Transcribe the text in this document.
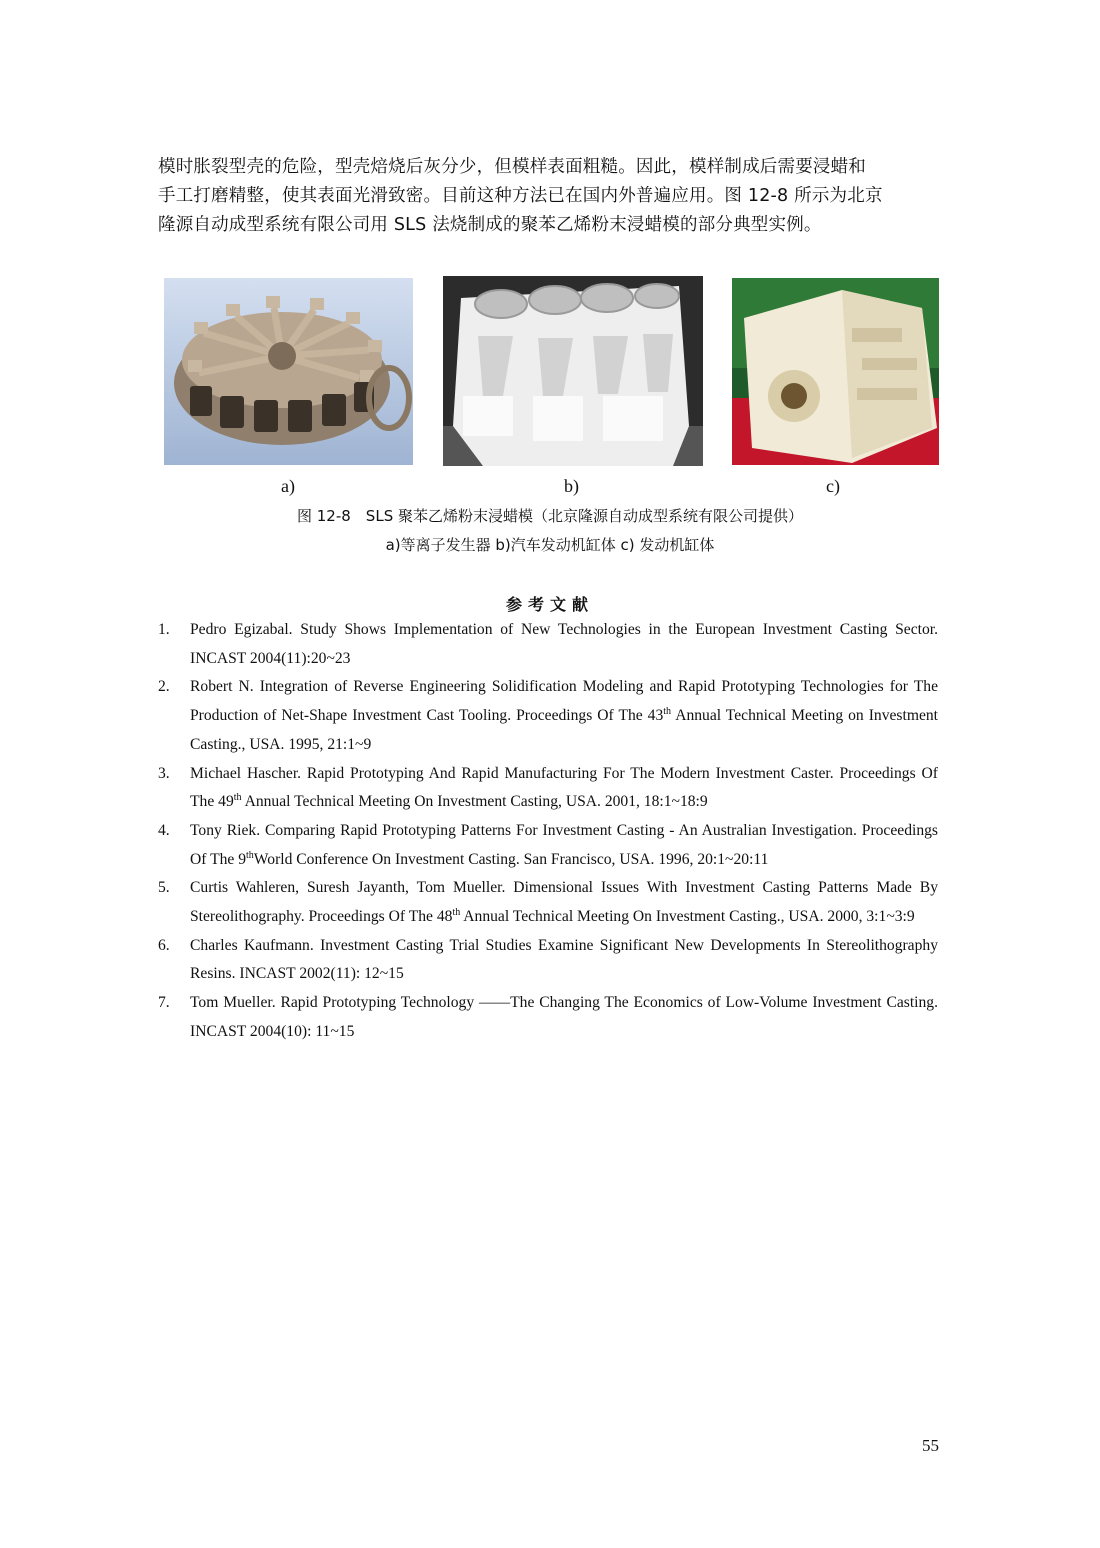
模时胀裂型壳的危险，型壳焙烧后灰分少，但模样表面粗糙。因此，模样制成后需要浸蜡和
手工打磨精整，使其表面光滑致密。目前这种方法已在国内外普遍应用。图 12-8 所示为北京
隆源自动成型系统有限公司用 SLS 法烧制成的聚苯乙烯粉末浸蜡模的部分典型实例。
a)	b)	c)
图 12-8　SLS 聚苯乙烯粉末浸蜡模（北京隆源自动成型系统有限公司提供）
a)等离子发生器 b)汽车发动机缸体 c) 发动机缸体
参考文献
1. Pedro Egizabal. Study Shows Implementation of New Technologies in the European Investment Casting Sector. INCAST 2004(11):20~23
2. Robert N. Integration of Reverse Engineering Solidification Modeling and Rapid Prototyping Technologies for The Production of Net-Shape Investment Cast Tooling. Proceedings Of The 43th Annual Technical Meeting on Investment Casting., USA. 1995, 21:1~9
3. Michael Hascher. Rapid Prototyping And Rapid Manufacturing For The Modern Investment Caster. Proceedings Of The 49th Annual Technical Meeting On Investment Casting, USA. 2001, 18:1~18:9
4. Tony Riek. Comparing Rapid Prototyping Patterns For Investment Casting - An Australian Investigation. Proceedings Of The 9thWorld Conference On Investment Casting. San Francisco, USA. 1996, 20:1~20:11
5. Curtis Wahleren, Suresh Jayanth, Tom Mueller. Dimensional Issues With Investment Casting Patterns Made By Stereolithography. Proceedings Of The 48th Annual Technical Meeting On Investment Casting., USA. 2000, 3:1~3:9
6. Charles Kaufmann. Investment Casting Trial Studies Examine Significant New Developments In Stereolithography Resins. INCAST 2002(11): 12~15
7. Tom Mueller. Rapid Prototyping Technology ——The Changing The Economics of Low-Volume Investment Casting. INCAST 2004(10): 11~15
55
